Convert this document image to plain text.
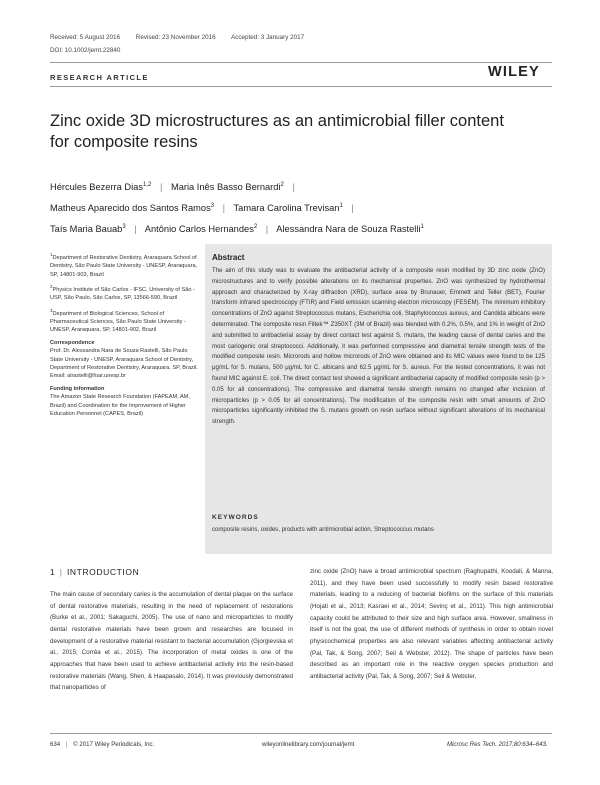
Received: 5 August 2016	Revised: 23 November 2016 Accepted: 3 January 2017
DOI: 10.1002/jemt.22840
RESEARCH ARTICLE	WILEY
Zinc oxide 3D microstructures as an antimicrobial filler content for composite resins
Hércules Bezerra Dias$^{1,2}$ | Maria Inês Basso Bernardi$^2$ |
Matheus Aparecido dos Santos Ramos$^3$ | Tamara Carolina Trevisan$^1$ |
Taís Maria Bauab$^3$ | Antônio Carlos Hernandes$^2$ | Alessandra Nara de Souza Rastelli$^1$

$^1$Department of Restorative Dentistry, Araraquara School of Dentistry, São Paulo State University - UNESP, Araraquara, SP, 14801-903, Brazil

$^2$Physics Institute of São Carlos - IFSC, University of São - USP, São Paulo, São Carlos, SP, 13566-590, Brazil

$^3$Department of Biological Sciences, School of Pharmaceutical Sciences, São Paulo State University - UNESP, Araraquara, SP, 14801-902, Brazil

Correspondence

Prof. Dr. Alessandra Nara de Souza Rastelli, São Paulo State University - UNESP, Araraquara School of Dentistry, Department of Restorative Dentistry, Araraquara, SP, Brazil. Email: alrastelli@foar.unesp.br

Funding information

The Amazon State Research Foundation (FAPEAM, AM, Brazil) and Coordination for the Improvement of Higher Education Personnel (CAPES, Brazil)

Abstract
The aim of this study was to evaluate the antibacterial activity of a composite resin modified by 3D zinc oxide (ZnO) microstructures and to verify possible alterations on its mechanical properties. ZnO was synthesized by hydrothermal approach and characterized by X-ray diffraction (XRD), surface area by Brunauer, Emmett and Teller (BET), Fourier transform infrared spectroscopy (FTIR) and Field emission scanning electron microscopy (FESEM). The minimum inhibitory concentrations of ZnO against Streptococcus mutans, Escherichia coli, Staphylococcus aureus, and Candida albicans were determinated. The composite resin Filtek™ Z350XT (3M of Brazil) was blended with 0.2%, 0.5%, and 1% in weight of ZnO and submitted to antibacterial assay by direct contact test against S. mutans, the leading cause of dental caries and the most cariogenic oral streptococci. Additionally, it was performed compressive and diametral tensile strength tests of the modified composite resin. Microrods and hollow microrods of ZnO were obtained and its MIC values were found to be 125 μg/mL for S. mutans, 500 μg/mL for C. albicans and 62.5 μg/mL for S. aureus. For the tested concentrations, it was not found MIC against E. coli. The direct contact test showed a significant antibacterial capacity of modified composite resin (p > 0.05 for all concentrations). The compressive and diametral tensile strength remains no changed after inclusion of microparticles (p > 0.05 for all concentrations). The modification of the composite resin with small amounts of ZnO microparticles significantly inhibited the S. mutans growth on resin surface without significant alterations of its mechanical strength.
KEYWORDS
composite resins, oxides, products with antimicrobial action, Streptococcus mutans
1 | INTRODUCTION
The main cause of secondary caries is the accumulation of dental plaque on the surface of dental restorative materials, resulting in the need of replacement of restorations (Burke et al., 2001; Sakaguchi, 2005). The use of nano and microparticles to modify dental restorative materials have been grown and researches are focused in development of a restorative material resistant to bacterial accumulation (Gjorgievska et al., 2015; Corrêa et al., 2015). The incorporation of metal oxides is one of the approaches that have been used to achieve antibacterial activity into the resin-based restorative materials (Wang, Shen, & Haapasalo, 2014). It was previously demonstrated that nanoparticles of
zinc oxide (ZnO) have a broad antimicrobial spectrum (Raghupathi, Koodali, & Manna, 2011), and they have been used successfully to modify resin based restorative materials, leading to a reducing of bacterial biofilms on the surface of this materials (Hojati et al., 2013; Kasraei et al., 2014; Sevinç et al., 2011). This high antimicrobial capacity could be attributed to their size and high surface area. However, smallness in itself is not the goal, the use of different methods of synthesis in order to obtain novel physicochemical properties are also relevant variables affecting antibacterial activity (Pal, Tak, & Song, 2007; Seil & Webster, 2012). The shape of particles have been described as an important role in the reactive oxygen species production and antibacterial activity (Pal, Tak, & Song, 2007; Seil & Webster,
634 | © 2017 Wiley Periodicals, Inc.	wileyonlinelibrary.com/journal/jemt	Microsc Res Tech. 2017;80:634–643.
